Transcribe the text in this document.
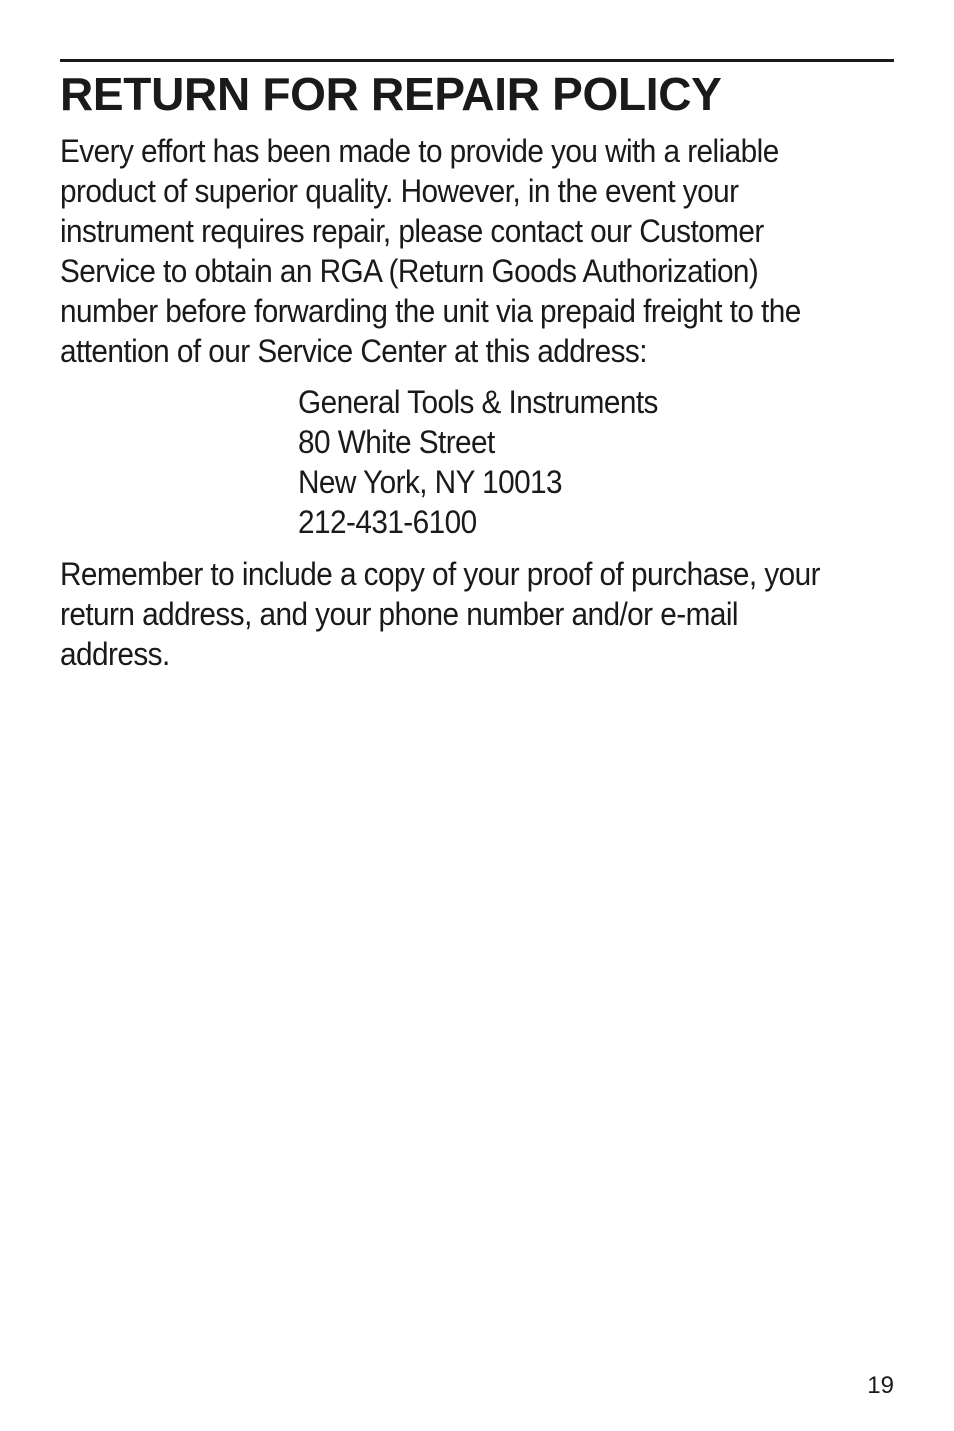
RETURN FOR REPAIR POLICY

Every effort has been made to provide you with a reliable
product of superior quality. However, in the event your
instrument requires repair, please contact our Customer
Service to obtain an RGA (Return Goods Authorization)
number before forwarding the unit via prepaid freight to the
attention of our Service Center at this address:

General Tools & Instruments
80 White Street
New York, NY 10013
212-431-6100

Remember to include a copy of your proof of purchase, your
return address, and your phone number and/or e-mail
address.

19
